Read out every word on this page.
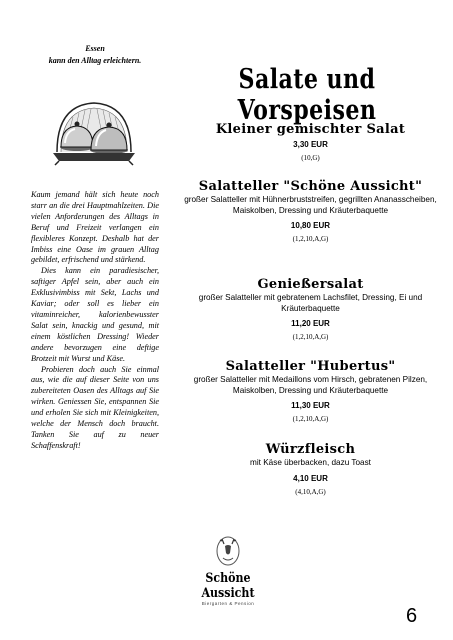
Essen
kann den Alltag erleichtern.
Salate und Vorspeisen

Kaum jemand hält sich heute noch starr an die drei Hauptmahlzeiten. Die vielen Anforderungen des Alltags in Beruf und Freizeit verlangen ein flexibleres Konzept. Deshalb hat der Imbiss eine Oase im grauen Alltag gebildet, erfrischend und stärkend.

Dies kann ein paradiesischer, saftiger Apfel sein, aber auch ein Exklusivimbiss mit Sekt, Lachs und Kaviar; oder soll es lieber ein vitaminreicher, kalorienbewusster Salat sein, knackig und gesund, mit einem köstlichen Dressing! Wieder andere bevorzugen eine deftige Brotzeit mit Wurst und Käse.

Probieren doch auch Sie einmal aus, wie die auf dieser Seite von uns zubereiteten Oasen des Alltags auf Sie wirken. Geniessen Sie, entspannen Sie und erholen Sie sich mit Kleinigkeiten, welche der Mensch doch braucht. Tanken Sie auf zu neuer Schaffenskraft!

Kleiner gemischter Salat
3,30 EUR
(10,G)
Salatteller "Schöne Aussicht"
großer Salatteller mit Hühnerbruststreifen, gegrillten Ananasscheiben, Maiskolben, Dressing und Kräuterbaquette
10,80 EUR
(1,2,10,A,G)
Genießersalat
großer Salatteller mit gebratenem Lachsfilet, Dressing, Ei und Kräuterbaquette
11,20 EUR
(1,2,10,A,G)
Salatteller "Hubertus"
großer Salatteller mit Medaillons vom Hirsch, gebratenen Pilzen, Maiskolben, Dressing und Kräuterbaquette
11,30 EUR
(1,2,10,A,G)
Würzfleisch
mit Käse überbacken, dazu Toast
4,10 EUR
(4,10,A,G)
Schöne Aussicht
Biergarten & Pension
6
